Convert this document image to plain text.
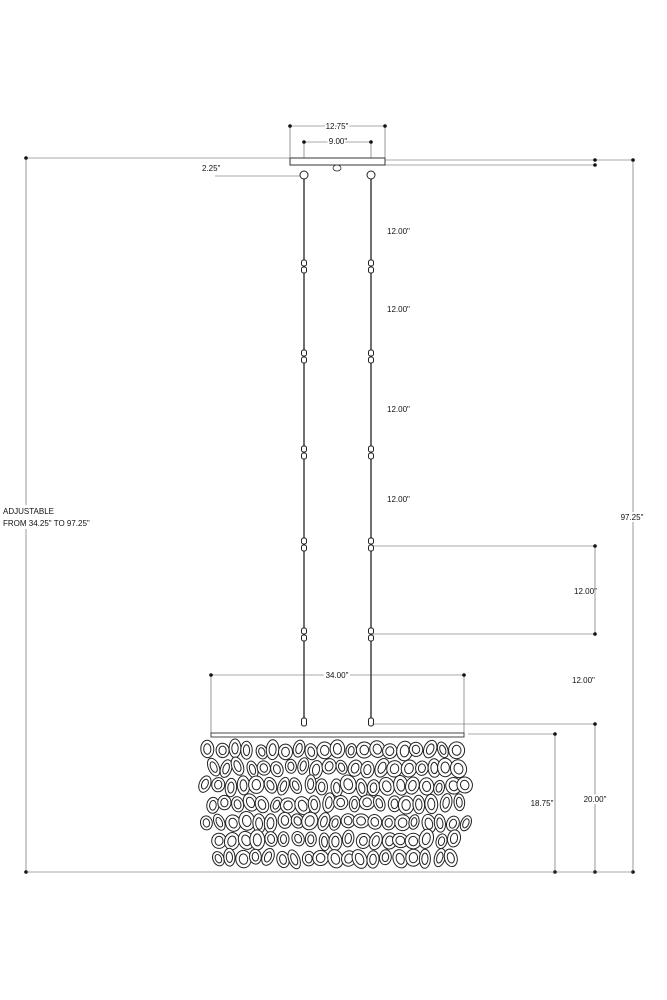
12.75"
9.00"
2.25"
12.00"
12.00"
12.00"
12.00"
12.00"
12.00"
34.00"
18.75"	20.00"
97.25"
ADJUSTABLE
FROM 34.25" TO 97.25"
